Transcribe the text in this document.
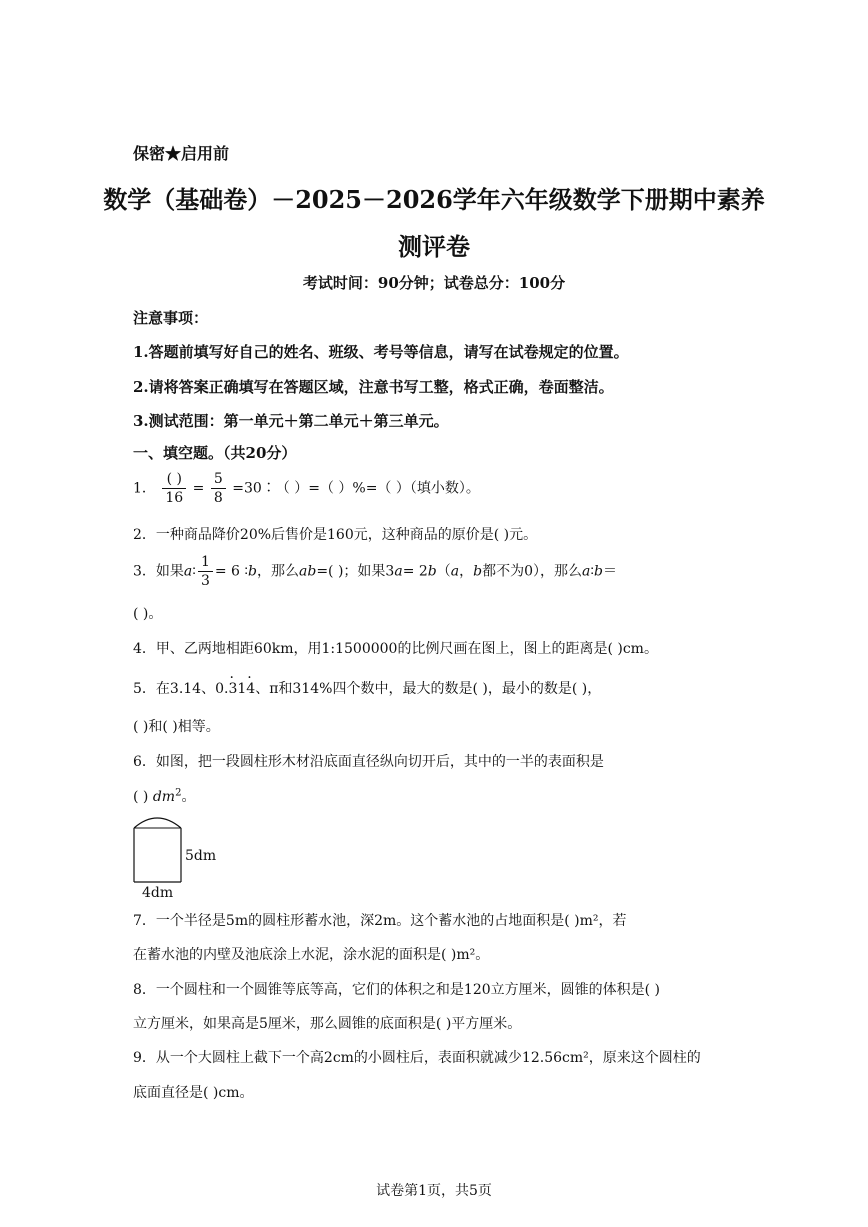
保密★启用前
数学（基础卷）－2025－2026学年六年级数学下册期中素养
测评卷
考试时间：90分钟；试卷总分：100分
注意事项：
1.答题前填写好自己的姓名、班级、考号等信息，请写在试卷规定的位置。
2.请将答案正确填写在答题区域，注意书写工整，格式正确，卷面整洁。
3.测试范围：第一单元＋第二单元＋第三单元。
一、填空题。（共20分）
1． $\frac{( )}{16} = \frac{5}{8}$ =30∶（ ）=（ ）%=（ ）（填小数）。
2．一种商品降价20%后售价是160元，这种商品的原价是( )元。
3．如果a∶ $\frac{1}{3} = 6$ ∶b，那么ab=( )；如果3a= 2b（a，b都不为0），那么a∶b＝
( )。
4．甲、乙两地相距60km，用1:1500000的比例尺画在图上，图上的距离是( )cm。
5．在3.14、0.· 31· 4、π和314%四个数中，最大的数是( )，最小的数是( )，
( )和( )相等。
6．如图，把一段圆柱形木材沿底面直径纵向切开后，其中的一半的表面积是
( ) $dm^2$。
5dm
4dm
7．一个半径是5m的圆柱形蓄水池，深2m。这个蓄水池的占地面积是( )m²，若
在蓄水池的内壁及池底涂上水泥，涂水泥的面积是( )m²。
8．一个圆柱和一个圆锥等底等高，它们的体积之和是120立方厘米，圆锥的体积是( )
立方厘米，如果高是5厘米，那么圆锥的底面积是( )平方厘米。
9．从一个大圆柱上截下一个高2cm的小圆柱后，表面积就减少12.56cm²，原来这个圆柱的
底面直径是( )cm。
试卷第1页，共5页
